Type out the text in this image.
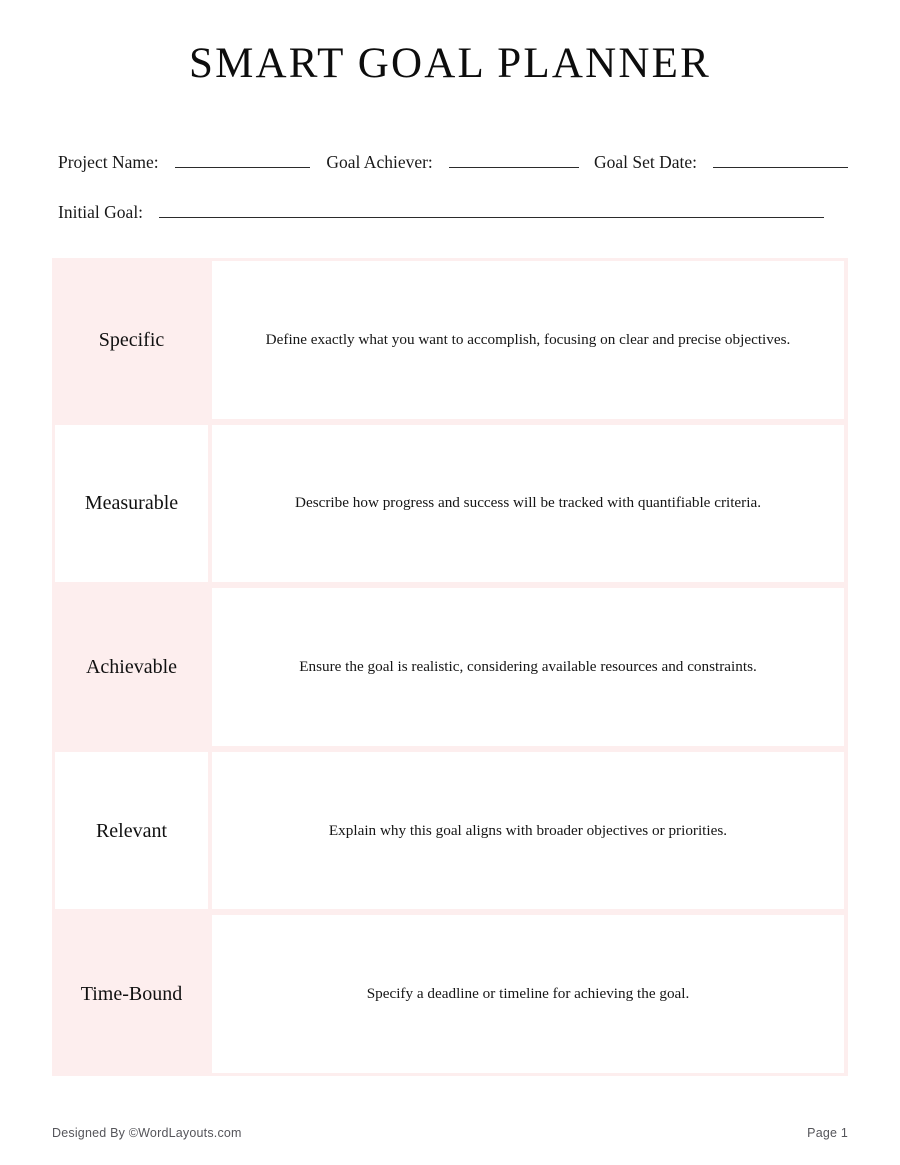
SMART GOAL PLANNER
Project Name:	Goal Achiever:	Goal Set Date:
Initial Goal:
Specific	Define exactly what you want to accomplish, focusing on clear and precise objectives.
Measurable	Describe how progress and success will be tracked with quantifiable criteria.
Achievable	Ensure the goal is realistic, considering available resources and constraints.
Relevant	Explain why this goal aligns with broader objectives or priorities.
Time-Bound	Specify a deadline or timeline for achieving the goal.
Designed By ©WordLayouts.com	Page 1
